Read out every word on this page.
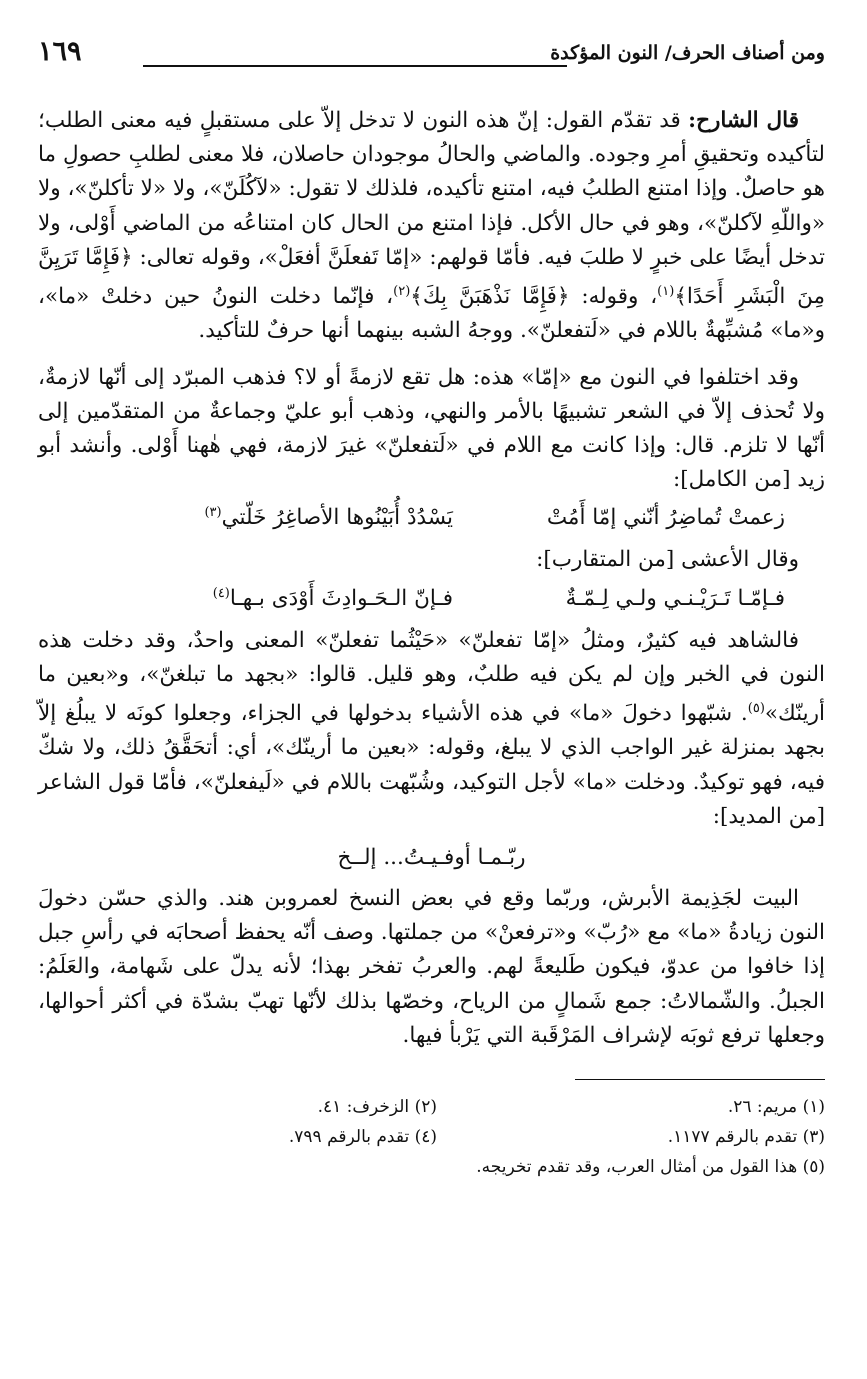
ومن أصناف الحرف/ النون المؤكدة
١٦٩

قال الشارح: قد تقدّم القول: إنّ هذه النون لا تدخل إلاّ على مستقبلٍ فيه معنى الطلب؛ لتأكيده وتحقيقِ أمرِ وجوده. والماضي والحالُ موجودان حاصلان، فلا معنى لطلبِ حصولِ ما هو حاصلٌ. وإذا امتنع الطلبُ فيه، امتنع تأكيده، فلذلك لا تقول: «لآكُلَنّ»، ولا «لا تأكلنّ»، ولا «واللّهِ لآكلنّ»، وهو في حال الأكل. فإذا امتنع من الحال كان امتناعُه من الماضي أَوْلى، ولا تدخل أيضًا على خبرٍ لا طلبَ فيه. فأمّا قولهم: «إمّا تَفعلَنَّ أفعَلْ»، وقوله تعالى: ﴿فَإِمَّا تَرَيِنَّ مِنَ الْبَشَرِ أَحَدًا﴾$^{(١)}$، وقوله: ﴿فَإِمَّا نَذْهَبَنَّ بِكَ﴾$^{(٢)}$، فإنّما دخلت النونُ حين دخلتْ «ما»، و«ما» مُشبِّهةٌ باللام في «لَتفعلنّ». ووجهُ الشبه بينهما أنها حرفٌ للتأكيد.

وقد اختلفوا في النون مع «إمّا» هذه: هل تقع لازمةً أو لا؟ فذهب المبرّد إلى أنّها لازمةٌ، ولا تُحذف إلاّ في الشعر تشبيهًا بالأمر والنهي، وذهب أبو عليّ وجماعةٌ من المتقدّمين إلى أنّها لا تلزم. قال: وإذا كانت مع اللام في «لَتفعلنّ» غيرَ لازمة، فهي هٰهنا أَوْلى. وأنشد أبو زيد [من الكامل]:

زعمتْ تُماضِرُ أنّني إمّا أَمُتْ
يَسْدُدْ أُبَيْنُوها الأصاغِرُ خَلّتي$^{(٣)}$

وقال الأعشى [من المتقارب]:

فـإمّـا تَـرَيْـنـي ولـي لِـمّـةٌ
فـإنّ الـحَـوادِثَ أَوْدَى بـهـا$^{(٤)}$

فالشاهد فيه كثيرٌ، ومثلُ «إمّا تفعلنّ» «حَيْثُما تفعلنّ» المعنى واحدٌ، وقد دخلت هذه النون في الخبر وإن لم يكن فيه طلبٌ، وهو قليل. قالوا: «بجهد ما تبلغنّ»، و«بعين ما أرينّك»$^{(٥)}$. شبّهوا دخولَ «ما» في هذه الأشياء بدخولها في الجزاء، وجعلوا كونَه لا يبلُغ إلاّ بجهد بمنزلة غير الواجب الذي لا يبلغ، وقوله: «بعين ما أرينّك»، أي: أتحَقَّقُ ذلك، ولا شكّ فيه، فهو توكيدٌ. ودخلت «ما» لأجل التوكيد، وشُبّهت باللام في «لَيفعلنّ»، فأمّا قول الشاعر [من المديد]:

ربّـمـا أوفـيـتُ... إلــخ

البيت لجَذِيمة الأبرش، وربّما وقع في بعض النسخ لعمروبن هند. والذي حسّن دخولَ النون زيادةُ «ما» مع «رُبّ» و«ترفعنْ» من جملتها. وصف أنّه يحفظ أصحابَه في رأسِ جبل إذا خافوا من عدوّ، فيكون طَليعةً لهم. والعربُ تفخر بهذا؛ لأنه يدلّ على شَهامة، والعَلَمُ: الجبلُ. والشّمالاتُ: جمع شَمالٍ من الرياح، وخصّها بذلك لأنّها تهبّ بشدّة في أكثر أحوالها، وجعلها ترفع ثوبَه لإشراف المَرْقَبة التي يَرْبأ فيها.

(١) مريم: ٢٦.
(٢) الزخرف: ٤١.
(٣) تقدم بالرقم ١١٧٧.
(٤) تقدم بالرقم ٧٩٩.
(٥) هذا القول من أمثال العرب، وقد تقدم تخريجه.
